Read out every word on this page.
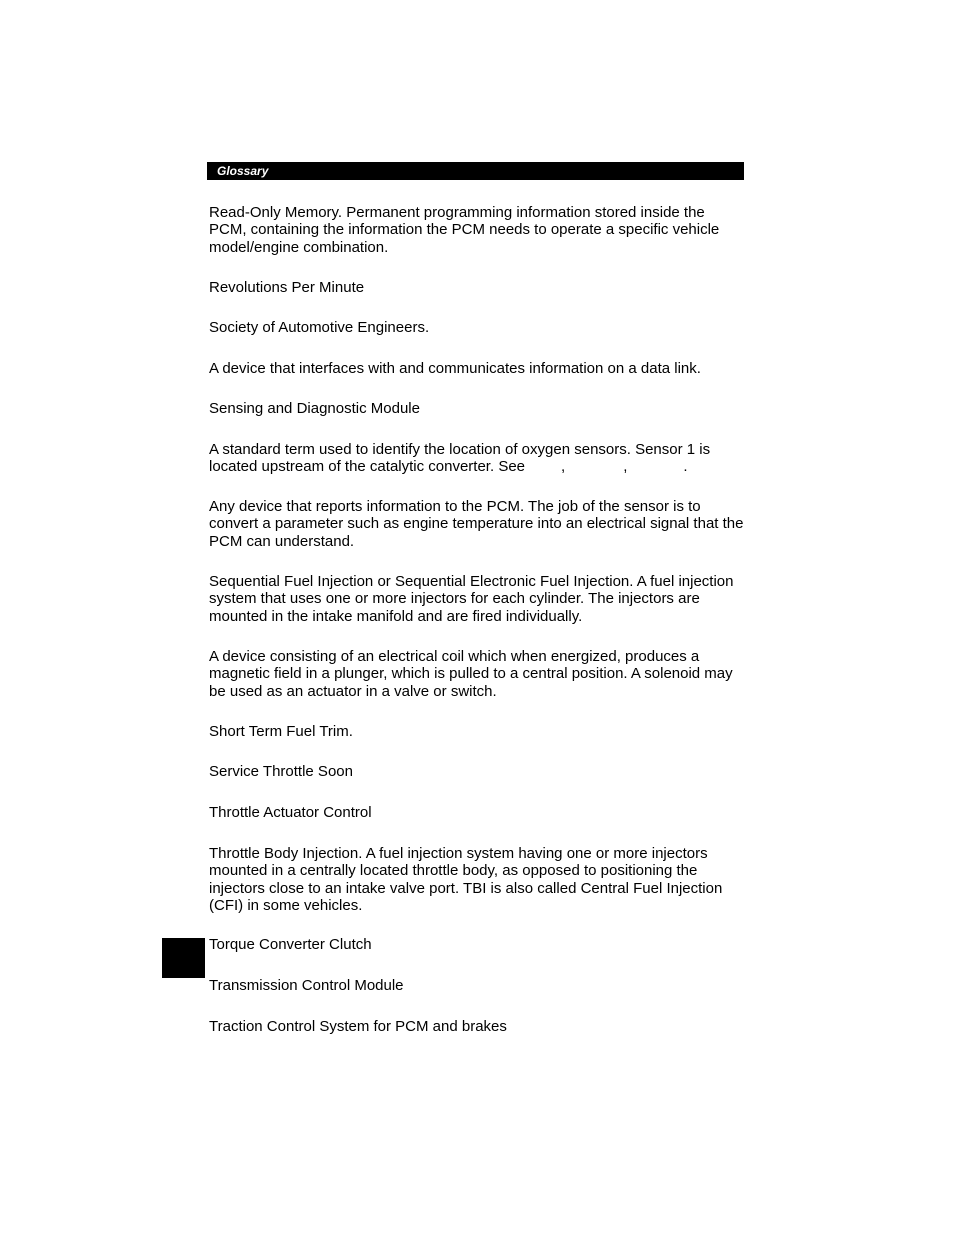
Glossary

Read-Only Memory. Permanent programming information stored inside the PCM, containing the information the PCM needs to operate a specific vehicle model/engine combination.

Revolutions Per Minute

Society of Automotive Engineers.

A device that interfaces with and communicates information on a data link.

Sensing and Diagnostic Module

A standard term used to identify the location of oxygen sensors. Sensor 1 is located upstream of the catalytic converter. See ,	,	.

Any device that reports information to the PCM. The job of the sensor is to convert a parameter such as engine temperature into an electrical signal that the PCM can understand.

Sequential Fuel Injection or Sequential Electronic Fuel Injection. A fuel injection system that uses one or more injectors for each cylinder. The injectors are mounted in the intake manifold and are fired individually.

A device consisting of an electrical coil which when energized, produces a magnetic field in a plunger, which is pulled to a central position. A solenoid may be used as an actuator in a valve or switch.

Short Term Fuel Trim.

Service Throttle Soon

Throttle Actuator Control

Throttle Body Injection. A fuel injection system having one or more injectors mounted in a centrally located throttle body, as opposed to positioning the injectors close to an intake valve port. TBI is also called Central Fuel Injection (CFI) in some vehicles.

Torque Converter Clutch

Transmission Control Module

Traction Control System for PCM and brakes
